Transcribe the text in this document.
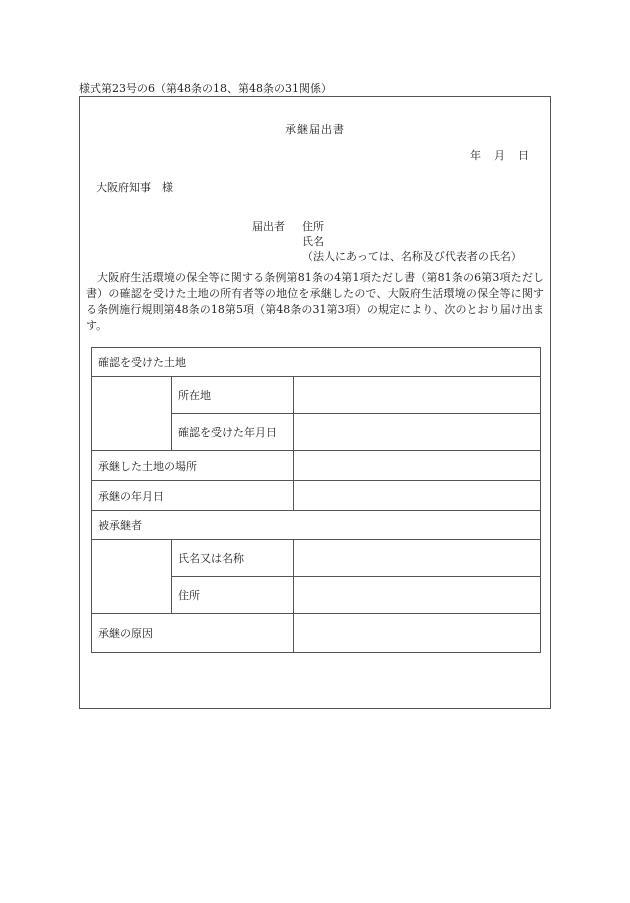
様式第23号の6（第48条の18、第48条の31関係）
承継届出書
年　月　日
大阪府知事　様
届出者	住所
氏名
（法人にあっては、名称及び代表者の氏名）
大阪府生活環境の保全等に関する条例第81条の4第1項ただし書（第81条の6第3項ただし書）の確認を受けた土地の所有者等の地位を承継したので、大阪府生活環境の保全等に関する条例施行規則第48条の18第5項（第48条の31第3項）の規定により、次のとおり届け出ます。
確認を受けた土地		
	所在地	
	確認を受けた年月日	
承継した土地の場所		
承継の年月日		
被承継者		
	氏名又は名称	
	住所	
承継の原因		
